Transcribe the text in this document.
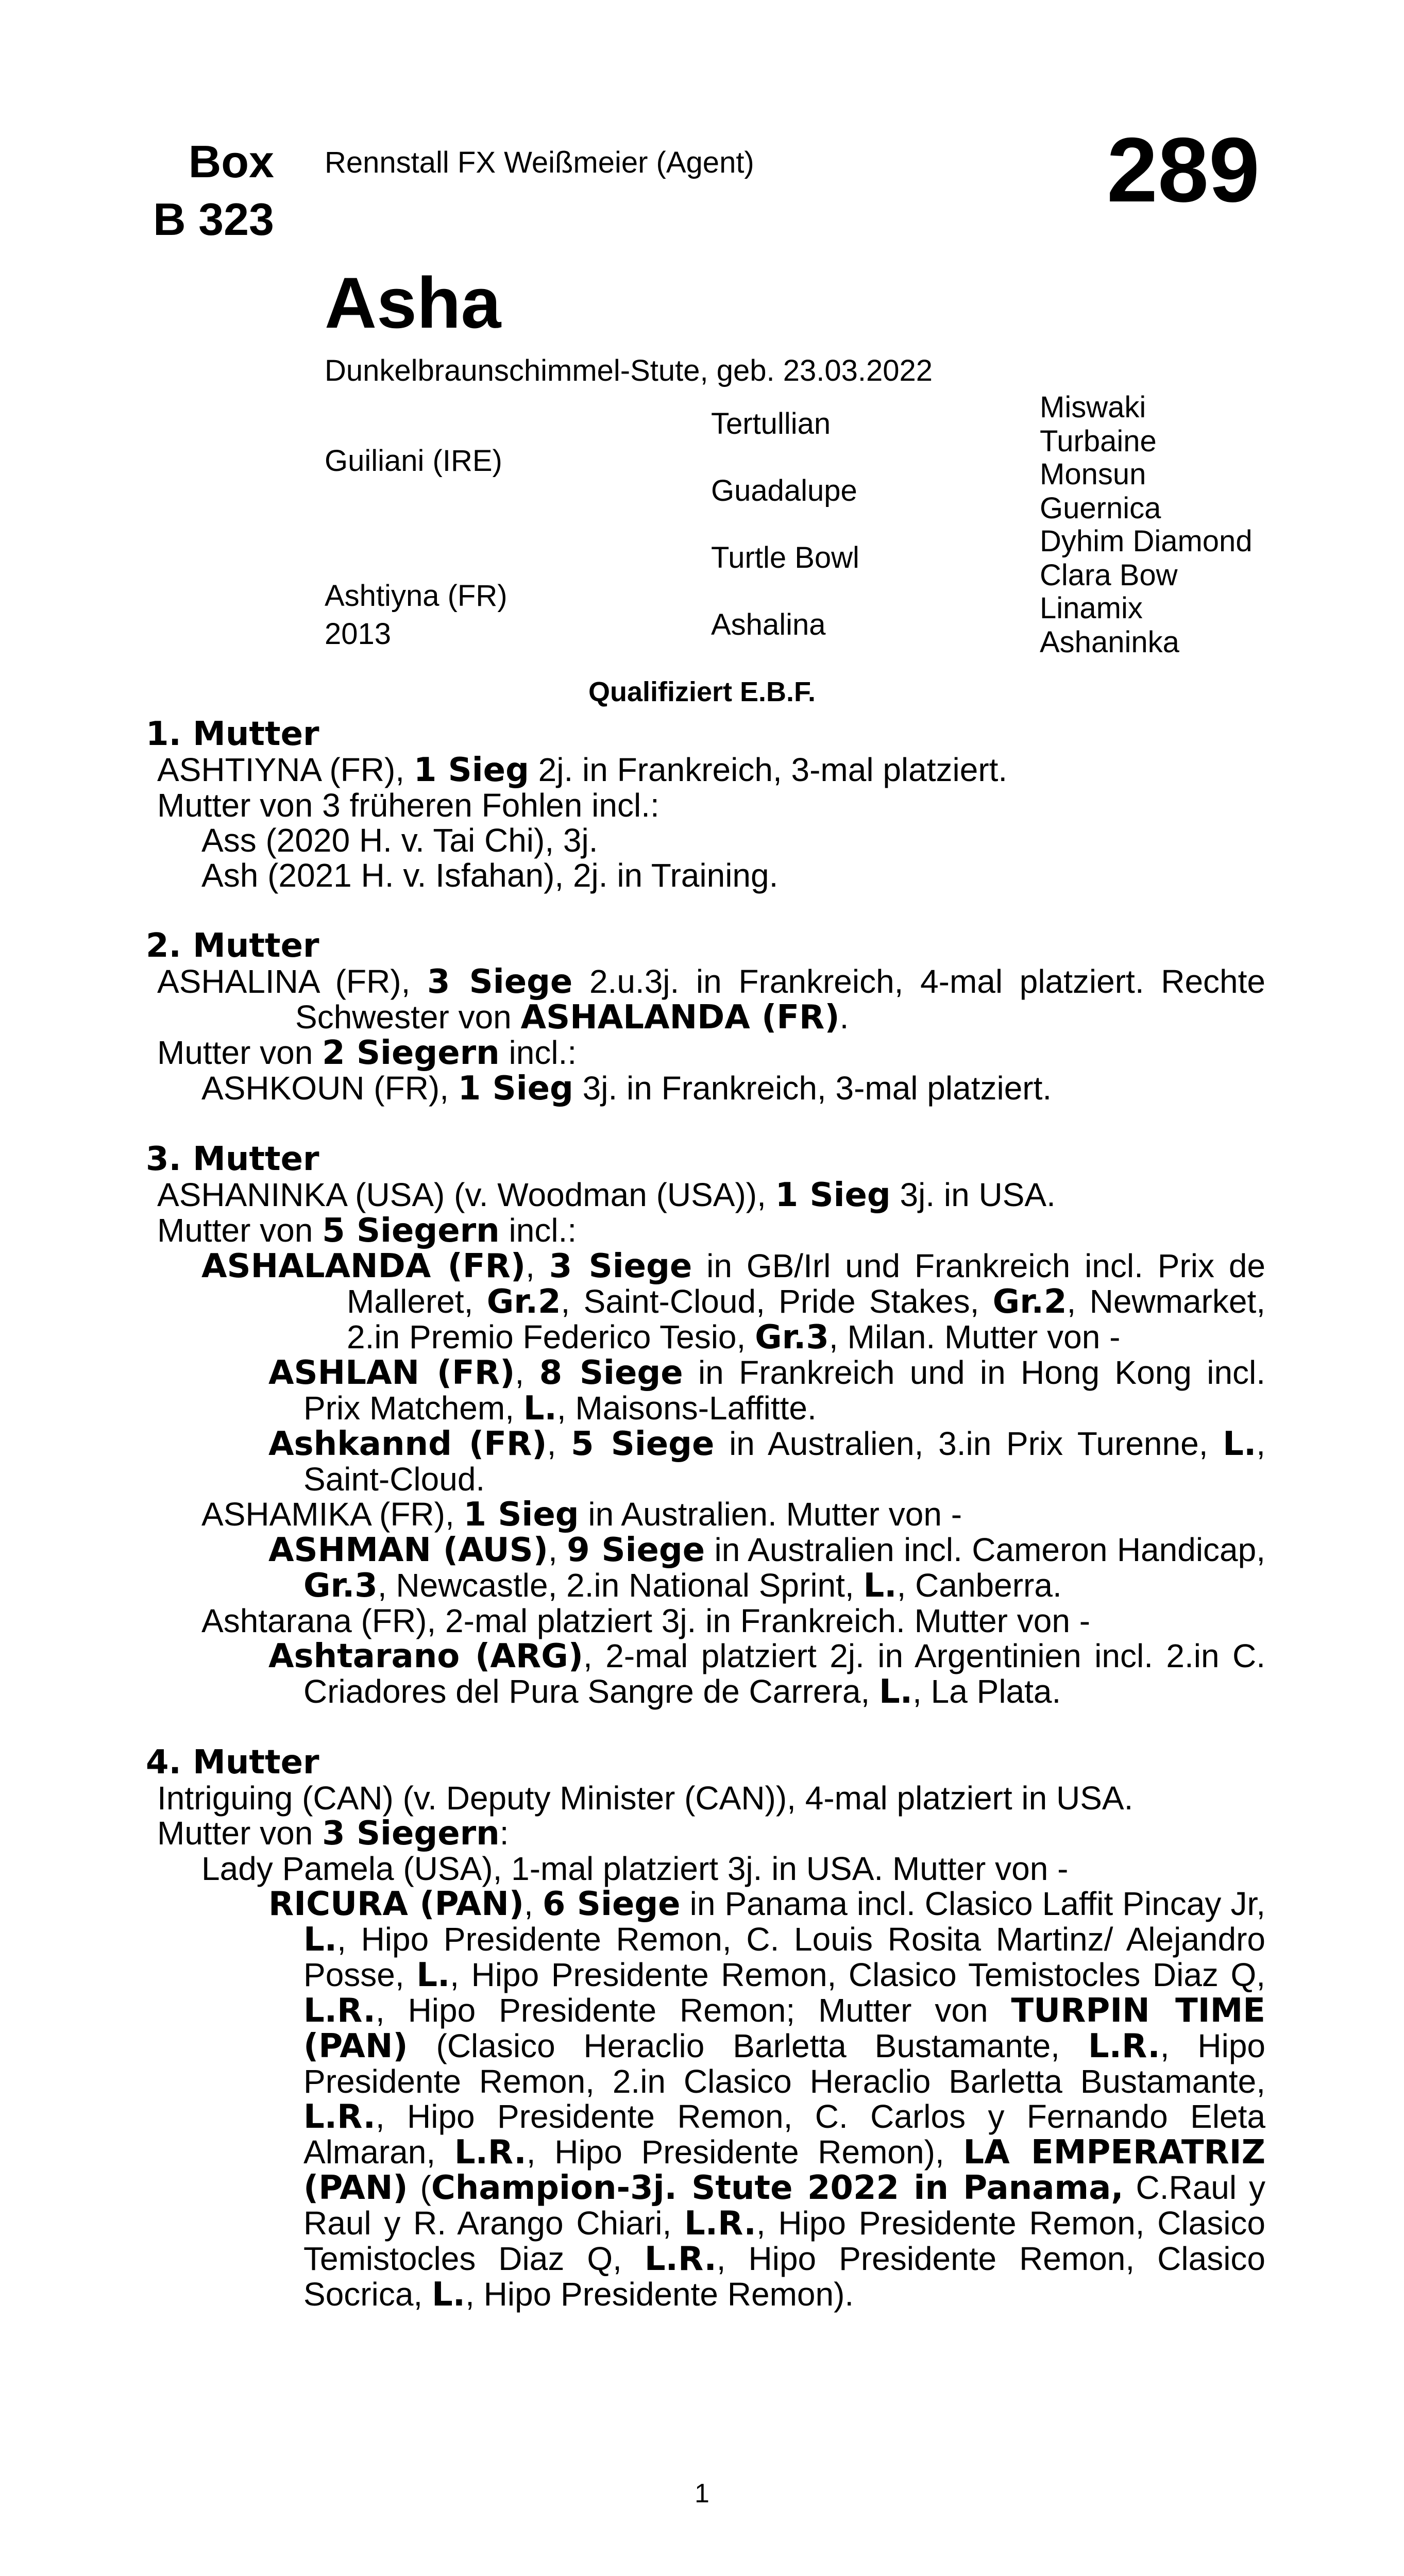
Box
B 323
Rennstall FX Weißmeier (Agent)	289
Asha
Dunkelbraunschimmel-Stute, geb. 23.03.2022
Guiliani (IRE)
Ashtiyna (FR)
2013
Tertullian
Guadalupe
Turtle Bowl
Ashalina
Miswaki
Turbaine
Monsun
Guernica
Dyhim Diamond
Clara Bow
Linamix
Ashaninka
Qualifiziert E.B.F.
1. Mutter
ASHTIYNA (FR), 1 Sieg 2j. in Frankreich, 3-mal platziert.
Mutter von 3 früheren Fohlen incl.:
Ass (2020 H. v. Tai Chi), 3j.
Ash (2021 H. v. Isfahan), 2j. in Training.
2. Mutter
ASHALINA (FR), 3 Siege 2.u.3j. in Frankreich, 4-mal platziert. Rechte Schwester von ASHALANDA (FR).
Mutter von 2 Siegern incl.:
ASHKOUN (FR), 1 Sieg 3j. in Frankreich, 3-mal platziert.
3. Mutter
ASHANINKA (USA) (v. Woodman (USA)), 1 Sieg 3j. in USA.
Mutter von 5 Siegern incl.:
ASHALANDA (FR), 3 Siege in GB/Irl und Frankreich incl. Prix de Malleret, Gr.2, Saint-Cloud, Pride Stakes, Gr.2, Newmarket, 2.in Premio Federico Tesio, Gr.3, Milan. Mutter von -
ASHLAN (FR), 8 Siege in Frankreich und in Hong Kong incl. Prix Matchem, L., Maisons-Laffitte.
Ashkannd (FR), 5 Siege in Australien, 3.in Prix Turenne, L., Saint-Cloud.
ASHAMIKA (FR), 1 Sieg in Australien. Mutter von -
ASHMAN (AUS), 9 Siege in Australien incl. Cameron Handicap, Gr.3, Newcastle, 2.in National Sprint, L., Canberra.
Ashtarana (FR), 2-mal platziert 3j. in Frankreich. Mutter von -
Ashtarano (ARG), 2-mal platziert 2j. in Argentinien incl. 2.in C. Criadores del Pura Sangre de Carrera, L., La Plata.
4. Mutter
Intriguing (CAN) (v. Deputy Minister (CAN)), 4-mal platziert in USA.
Mutter von 3 Siegern:
Lady Pamela (USA), 1-mal platziert 3j. in USA. Mutter von -
RICURA (PAN), 6 Siege in Panama incl. Clasico Laffit Pincay Jr, L., Hipo Presidente Remon, C. Louis Rosita Martinz/ Alejandro Posse, L., Hipo Presidente Remon, Clasico Temistocles Diaz Q, L.R., Hipo Presidente Remon; Mutter von TURPIN TIME (PAN) (Clasico Heraclio Barletta Bustamante, L.R., Hipo Presidente Remon, 2.in Clasico Heraclio Barletta Bustamante, L.R., Hipo Presidente Remon, C. Carlos y Fernando Eleta Almaran, L.R., Hipo Presidente Remon), LA EMPERATRIZ (PAN) (Champion-3j. Stute 2022 in Panama, C.Raul y Raul y R. Arango Chiari, L.R., Hipo Presidente Remon, Clasico Temistocles Diaz Q, L.R., Hipo Presidente Remon, Clasico Socrica, L., Hipo Presidente Remon).
1
